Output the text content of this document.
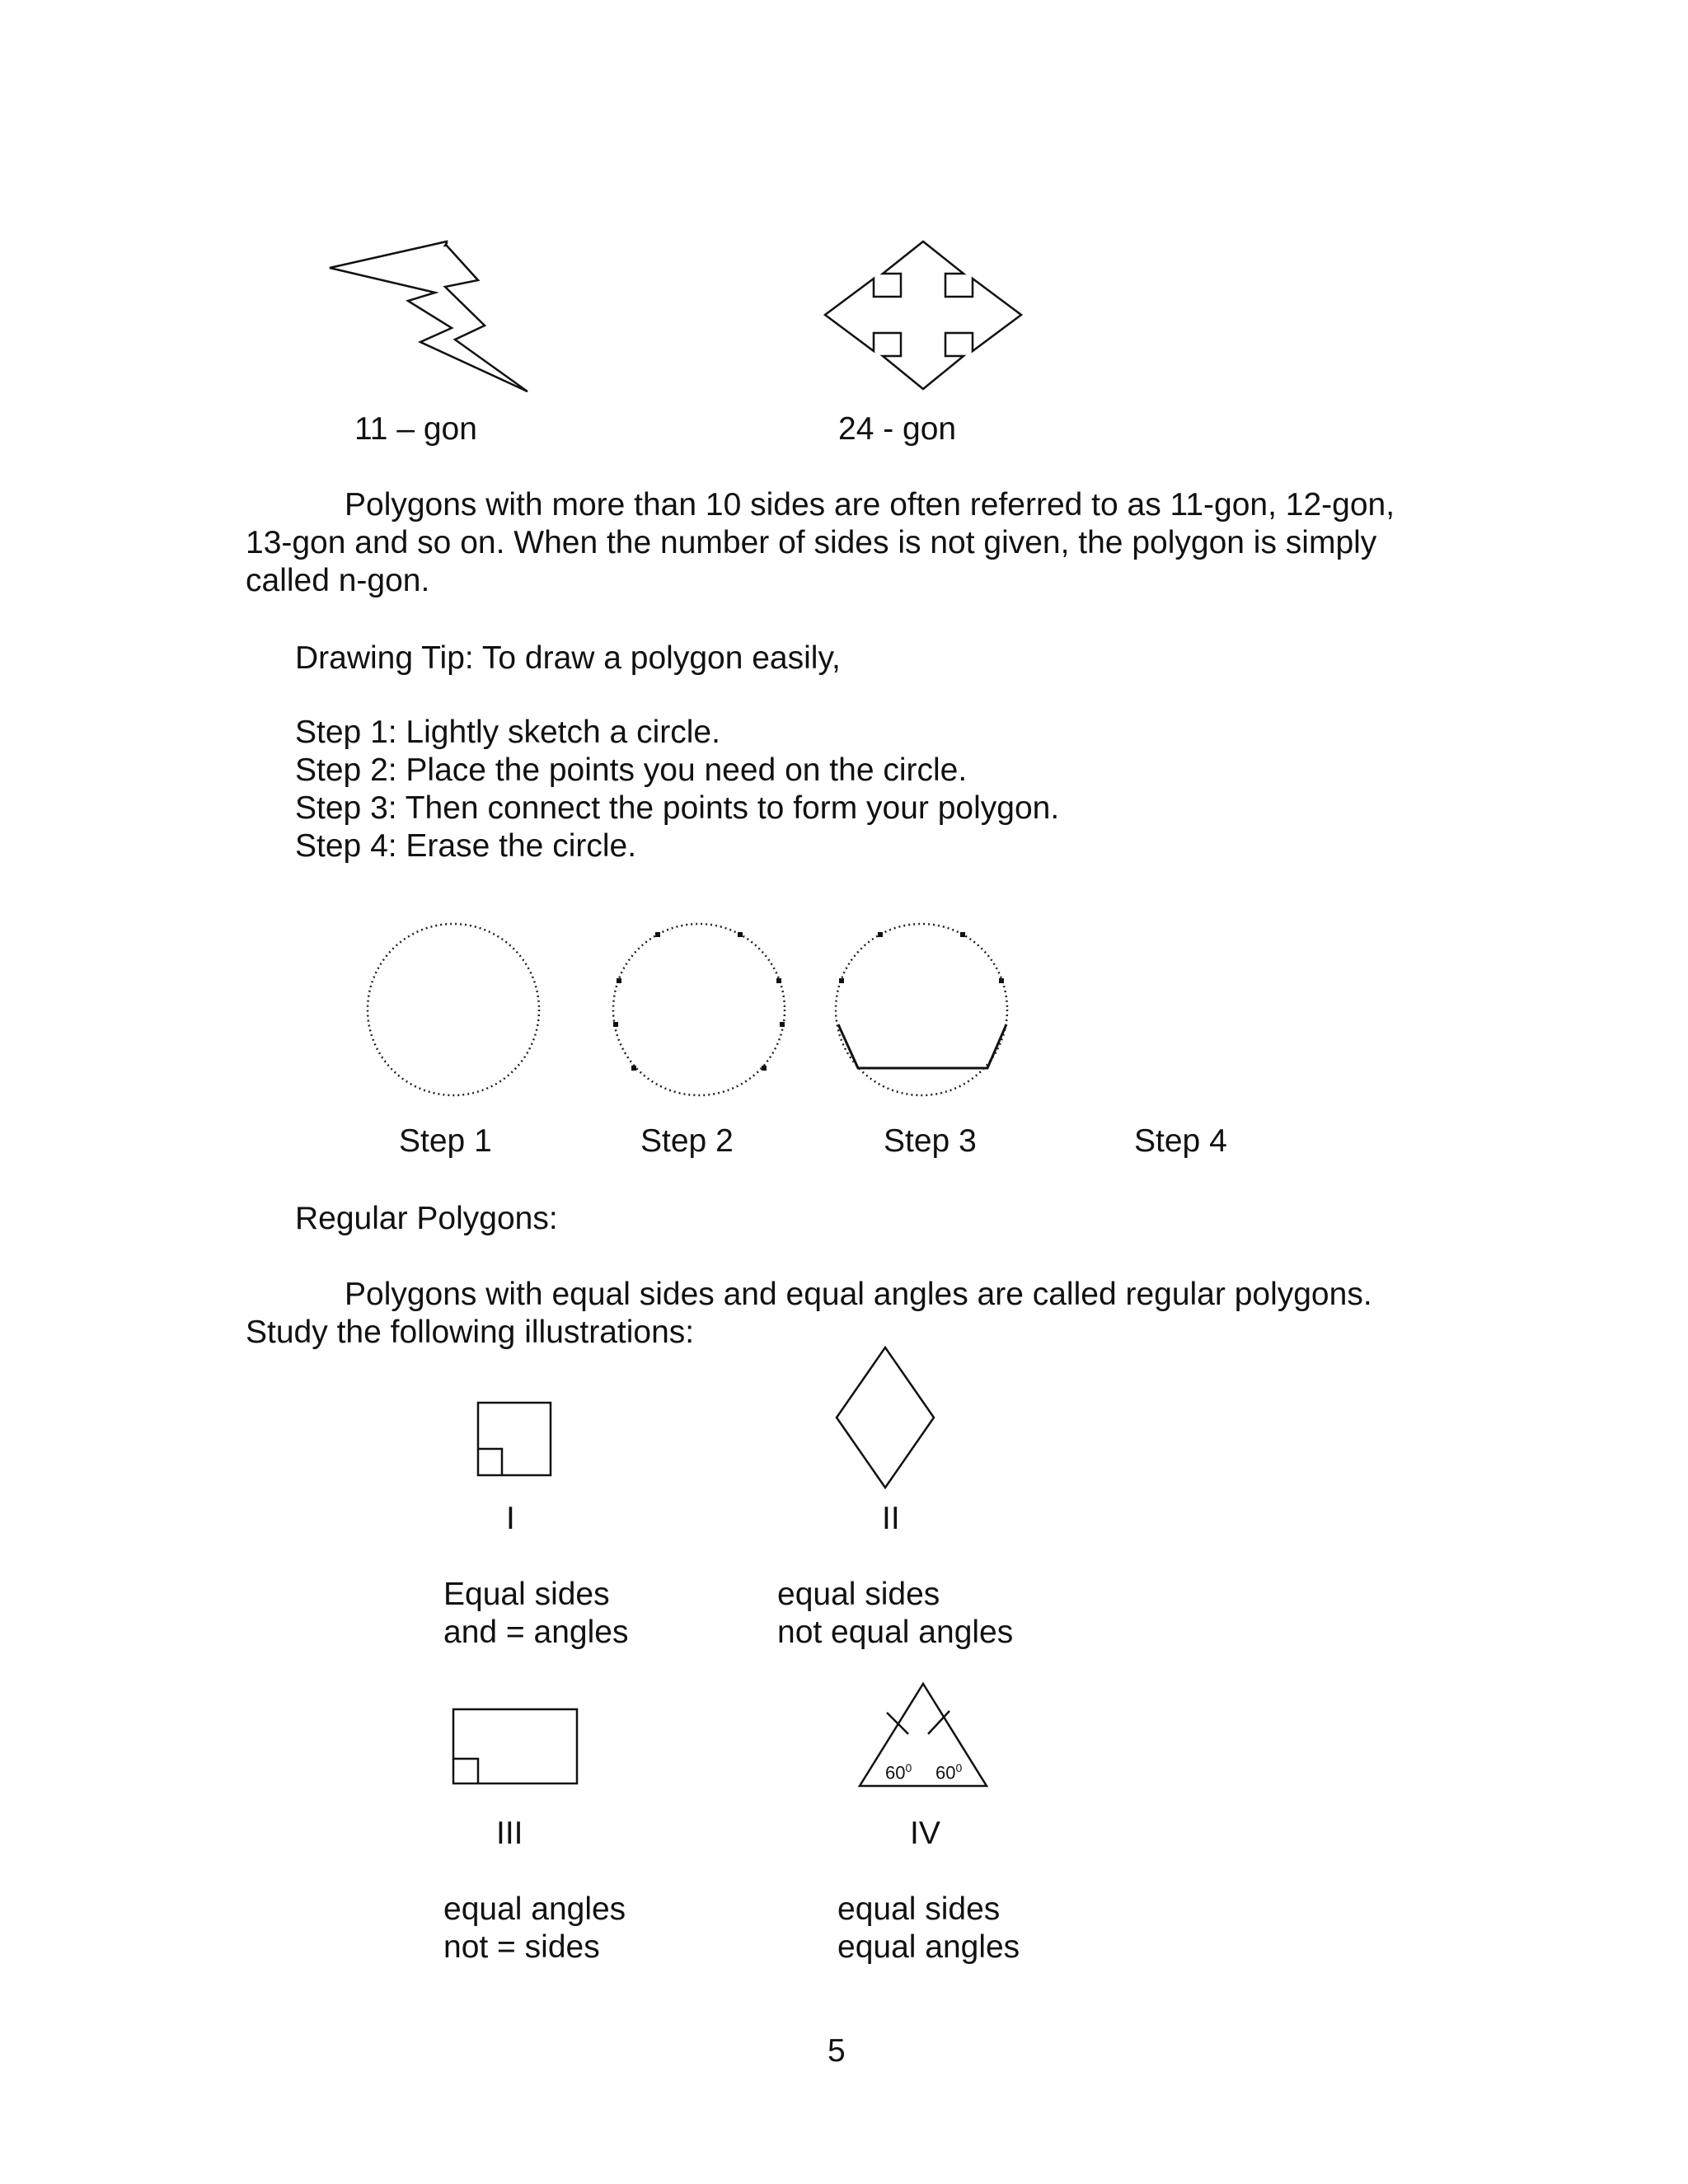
11 – gon	24 - gon

Polygons with more than 10 sides are often referred to as 11-gon, 12-gon, 13-gon and so on. When the number of sides is not given, the polygon is simply called n-gon.

Drawing Tip: To draw a polygon easily,

Step 1: Lightly sketch a circle.

Step 2: Place the points you need on the circle.

Step 3: Then connect the points to form your polygon.

Step 4: Erase the circle.

Step 1	Step 2	Step 3	Step 4

Regular Polygons:

Polygons with equal sides and equal angles are called regular polygons. Study the following illustrations:

I

Equal sides

and = angles

II

equal sides

not equal angles

III

equal angles

not = sides

$60^0$ $60^0$

IV

equal sides

equal angles

5
